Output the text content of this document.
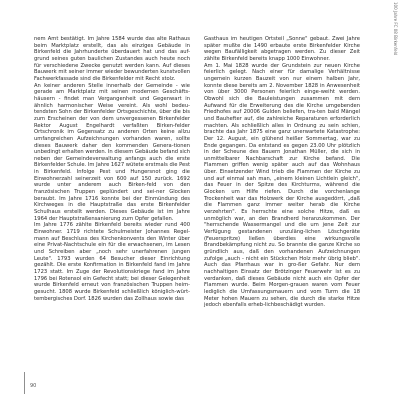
100 Jahre FC 08 Birkenfeld

nem Amt bestätigt. Im Jahre 1584 wurde das alte Rathaus beim Marktplatz erstellt, das als einziges Gebäude in Birkenfeld die Jahrhunderte überdauert hat und das auf-grund seines guten baulichen Zustandes auch heute noch für verschiedene Zwecke genutzt werden kann. Auf dieses Bauwerk mit seiner immer wieder bewunderten kunstvollen Fachwerkfassade sind die Birkenfelder mit Recht stolz.

An keiner anderen Stelle innerhalb der Gemeinde - wie gerade am Marktplatz mit seinen modernen Geschäfts-häusern - findet man Vergangenheit und Gegenwart in ähnlich harmonischer Weise vereint. Als wohl bedeu-tendsten Sohn der Birkenfelder Ortsgeschichte, über die bis zum Erscheinen der von dem unvergessenen Birkenfelder Rektor August Engelhardt verfaßten Birken-felder Ortschronik im Gegensatz zu anderen Orten keine allzu umfangreichen Aufzeichnungen vorhanden waren, sollte dieses Bauwerk daher den kommenden Genera-tionen unbedingt erhalten werden. In diesem Gebäude befand sich neben der Gemeindeverwaltung anfangs auch die erste Birkenfelder Schule. Im Jahre 1627 wütete erstmals die Pest in Birkenfeld. Infolge Pest und Hungersnot ging die Einwohnerzahl seinerzeit von 600 auf 150 zurück. 1692 wurde unter anderem auch Birken-feld von den französischen Truppen geplündert und sei-ner Glocken beraubt. Im Jahre 1716 konnte bei der Einmündung des Kirchweges in die Hauptstraße das erste Birkenfelder Schulhaus erstellt werden. Dieses Gebäude ist im Jahre 1964 der Hauptstraßensanierung zum Opfer gefallen.

Im Jahre 1776 zählte Birkenfeld bereits wieder rund 400 Einwohner. 1719 richtete Schulmeister Johannes Regel-mann auf Beschluss des Kirchenkonvents den Winter über eine Privat-Nachtschule ein für die erwachsenen, im Lesen und Schreiben aber „noch sehr unerfahrenen jungen Leute". 1793 wurden 64 Besucher dieser Einrichtung gezählt. Die erste Konfirmation in Birkenfeld fand im Jahre 1723 statt. Im Zuge der Revolutionskriege fand im Jahre 1796 bei Rotensol ein Gefecht statt; bei dieser Gelegenheit wurde Birkenfeld erneut von französischen Truppen heim-gesucht. 1808 wurde Birkenfeld schließlich königlich-würt-tembergisches Dorf. 1826 wurden das Zollhaus sowie das

Gasthaus im heutigen Ortsteil „Sonne" gebaut. Zwei Jahre später mußte die 1490 erbaute erste Birkenfelder Kirche wegen Baufälligkeit abgetragen werden. Zu dieser Zeit zählte Birkenfeld bereits knapp 1000 Einwohner.

Am 1. Mai 1828 wurde der Grundstein zur neuen Kirche feierlich gelegt. Nach einer für damalige Verhältnisse ungemein kurzen Bauzeit von nur einem halben Jahr, konnte diese bereits am 2. November 1828 in Anwesenheit von über 3000 Personen feierlich einge-weiht werden. Obwohl sich die Bauleistungen zusammen mit dem Aufwand für die Erweiterung des die Kirche umgebenden Friedhofes auf 20006 Gulden beliefen, tra-ten bald Mängel und Bauhefter auf, die zahlreiche Reparaturen erforderlich machten. Als schließlich alles in Ordnung zu sein schien, brachte das Jahr 1875 eine ganz unerwartete Katastrophe: Der 12. August, ein glühend heißer Sommertag, war zu Ende gegangen. Da entstand es gegen 23.00 Uhr plötzlich in der Scheune des Bauern Jonathan Müller, die sich in unmittelbarer Nachbarschaft zur Kirche befand. Die Flammen griffen wenig später auch auf das Wohnhaus über. Einsetzender Wind trieb die Flammen der Kirche zu und auf einmal sah man, „einem kleinen Lichtlein gleich", das Feuer in der Spitze des Kirchturms, während die Glocken um Hilfe riefen. Durch die vorchenlange Trockenheit war das Holzwerk der Kirche ausgedörrt, „daß die Flammen ganz immer weiter herab die Kirche verzehrten". Es herrschte eine solche Hitze, daß es unmöglich war, an den Brandherd heranzukommen. Der "herrschende Wassermangel und die um jene Zeit zur Verfügung gestandenen unzuläng-lichen Löschgeräte (Feuerspritze) ließen überdies eine wirkungsvolle Brandbekämpfung nicht zu. So brannte die ganze Kirche so gründlich aus, daß den vorhandenen Aufzeichnungen zufolge „auch - nicht ein Stückchen Holz mehr übrig blieb". Auch das Pfarrhaus war in gro-ßer Gefahr. Nur dem nachhaltigen Einsatz der Brötzinger Feuerwehr ist es zu verdanken, daß dieses Gebäude nicht auch ein Opfer der Flammen wurde. Beim Morgen-grauen waren vom Feuer lediglich die Umfassungsmauern und vom Turm die 18 Meter hohen Mauern zu sehen, die durch die starke Hitze jedoch ebenfalls erheb-lichbeschädigt wurden.

90
